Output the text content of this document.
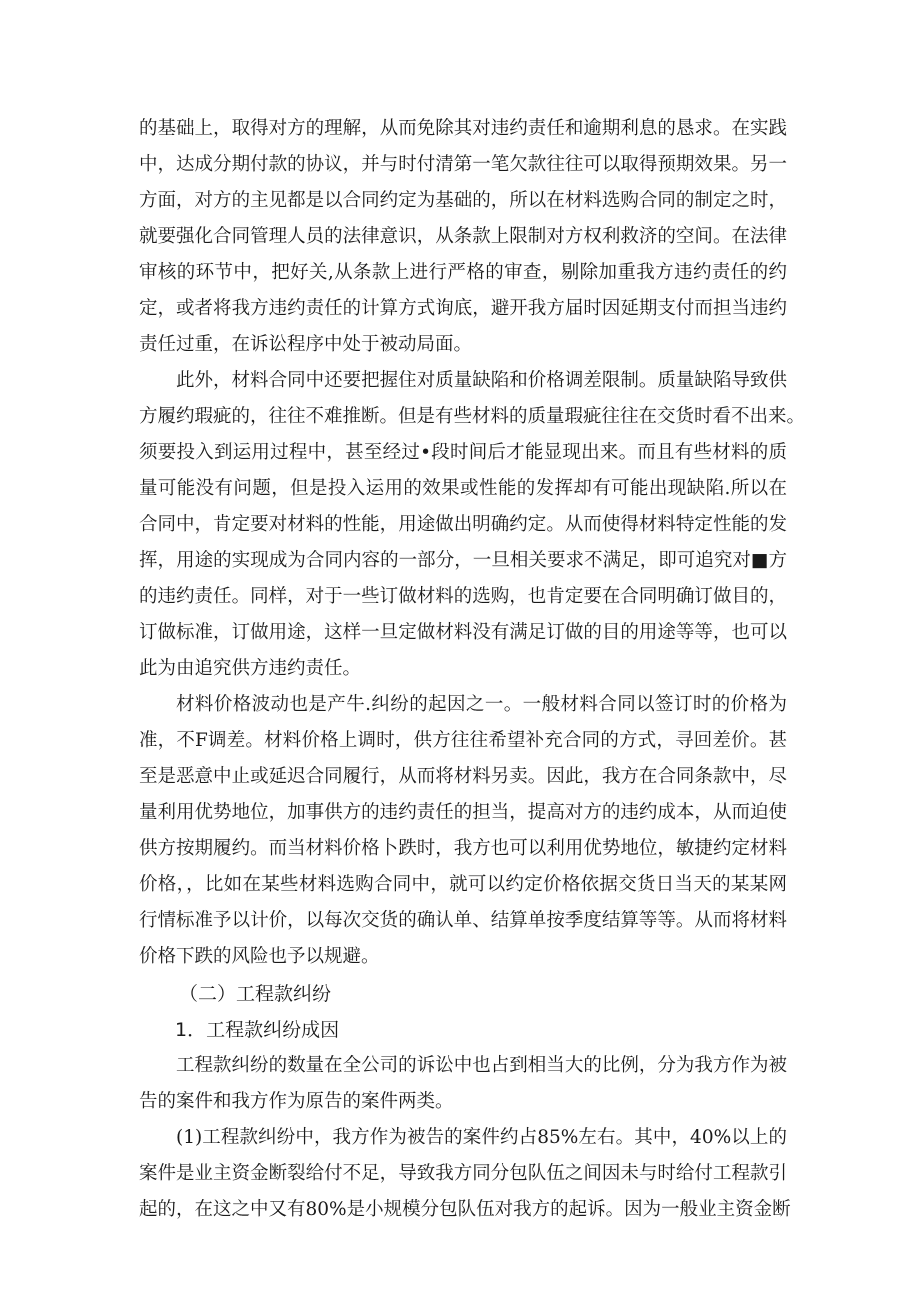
的基础上，取得对方的理解，从而免除其对违约责任和逾期利息的恳求。在实践
中，达成分期付款的协议，并与时付清第一笔欠款往往可以取得预期效果。另一
方面，对方的主见都是以合同约定为基础的，所以在材料选购合同的制定之时，
就要强化合同管理人员的法律意识，从条款上限制对方权利救济的空间。在法律
审核的环节中，把好关,从条款上进行严格的审查，剔除加重我方违约责任的约
定，或者将我方违约责任的计算方式询底，避开我方届时因延期支付而担当违约
责任过重，在诉讼程序中处于被动局面。
此外，材料合同中还要把握住对质量缺陷和价格调差限制。质量缺陷导致供
方履约瑕疵的，往往不难推断。但是有些材料的质量瑕疵往往在交货时看不出来。
须要投入到运用过程中，甚至经过•段时间后才能显现出来。而且有些材料的质
量可能没有问题，但是投入运用的效果或性能的发挥却有可能出现缺陷.所以在
合同中，肯定要对材料的性能，用途做出明确约定。从而使得材料特定性能的发
挥，用途的实现成为合同内容的一部分，一旦相关要求不满足，即可追究对■方
的违约责任。同样，对于一些订做材料的选购，也肯定要在合同明确订做目的，
订做标准，订做用途，这样一旦定做材料没有满足订做的目的用途等等，也可以
此为由追究供方违约责任。
材料价格波动也是产牛.纠纷的起因之一。一般材料合同以签订时的价格为
准，不F调差。材料价格上调时，供方往往希望补充合同的方式，寻回差价。甚
至是恶意中止或延迟合同履行，从而将材料另卖。因此，我方在合同条款中，尽
量利用优势地位，加事供方的违约责任的担当，提高对方的违约成本，从而迫使
供方按期履约。而当材料价格卜跌时，我方也可以利用优势地位，敏捷约定材料
价格，，比如在某些材料选购合同中，就可以约定价格依据交货日当天的某某网
行情标准予以计价，以每次交货的确认单、结算单按季度结算等等。从而将材料
价格下跌的风险也予以规避。
（二）工程款纠纷
1．工程款纠纷成因
工程款纠纷的数量在全公司的诉讼中也占到相当大的比例，分为我方作为被
告的案件和我方作为原告的案件两类。
(1)工程款纠纷中，我方作为被告的案件约占85%左右。其中，40%以上的
案件是业主资金断裂给付不足，导致我方同分包队伍之间因未与时给付工程款引
起的，在这之中又有80%是小规模分包队伍对我方的起诉。因为一般业主资金断
